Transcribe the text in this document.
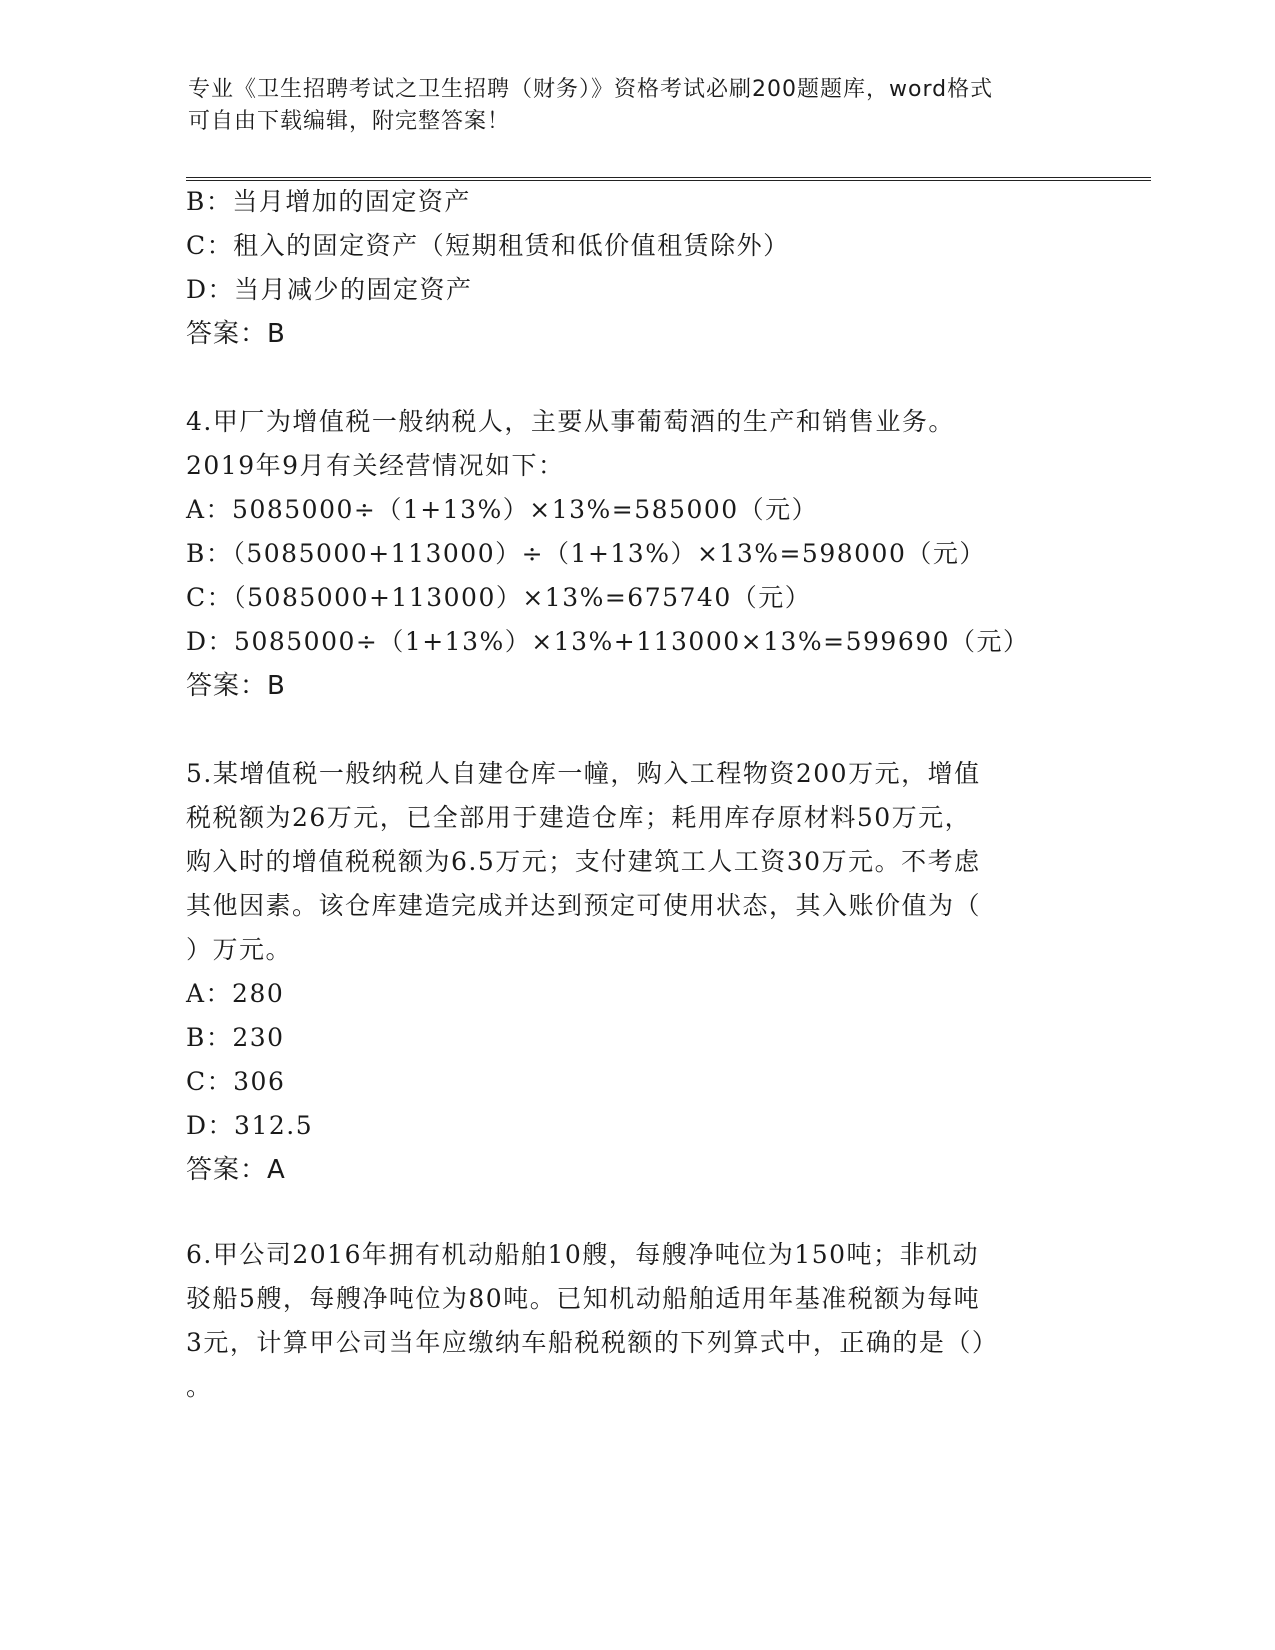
专业《卫生招聘考试之卫生招聘（财务）》资格考试必刷200题题库，word格式
可自由下载编辑，附完整答案！
B：当月增加的固定资产
C：租入的固定资产（短期租赁和低价值租赁除外）
D：当月减少的固定资产
答案：B
4.甲厂为增值税一般纳税人，主要从事葡萄酒的生产和销售业务。
2019年9月有关经营情况如下：
A：5085000÷（1+13%）×13%=585000（元）
B：（5085000+113000）÷（1+13%）×13%=598000（元）
C：（5085000+113000）×13%=675740（元）
D：5085000÷（1+13%）×13%+113000×13%=599690（元）
答案：B
5.某增值税一般纳税人自建仓库一幢，购入工程物资200万元，增值
税税额为26万元，已全部用于建造仓库；耗用库存原材料50万元，
购入时的增值税税额为6.5万元；支付建筑工人工资30万元。不考虑
其他因素。该仓库建造完成并达到预定可使用状态，其入账价值为（
）万元。
A：280
B：230
C：306
D：312.5
答案：A
6.甲公司2016年拥有机动船舶10艘，每艘净吨位为150吨；非机动
驳船5艘，每艘净吨位为80吨。已知机动船舶适用年基准税额为每吨
3元，计算甲公司当年应缴纳车船税税额的下列算式中，正确的是（）
。
